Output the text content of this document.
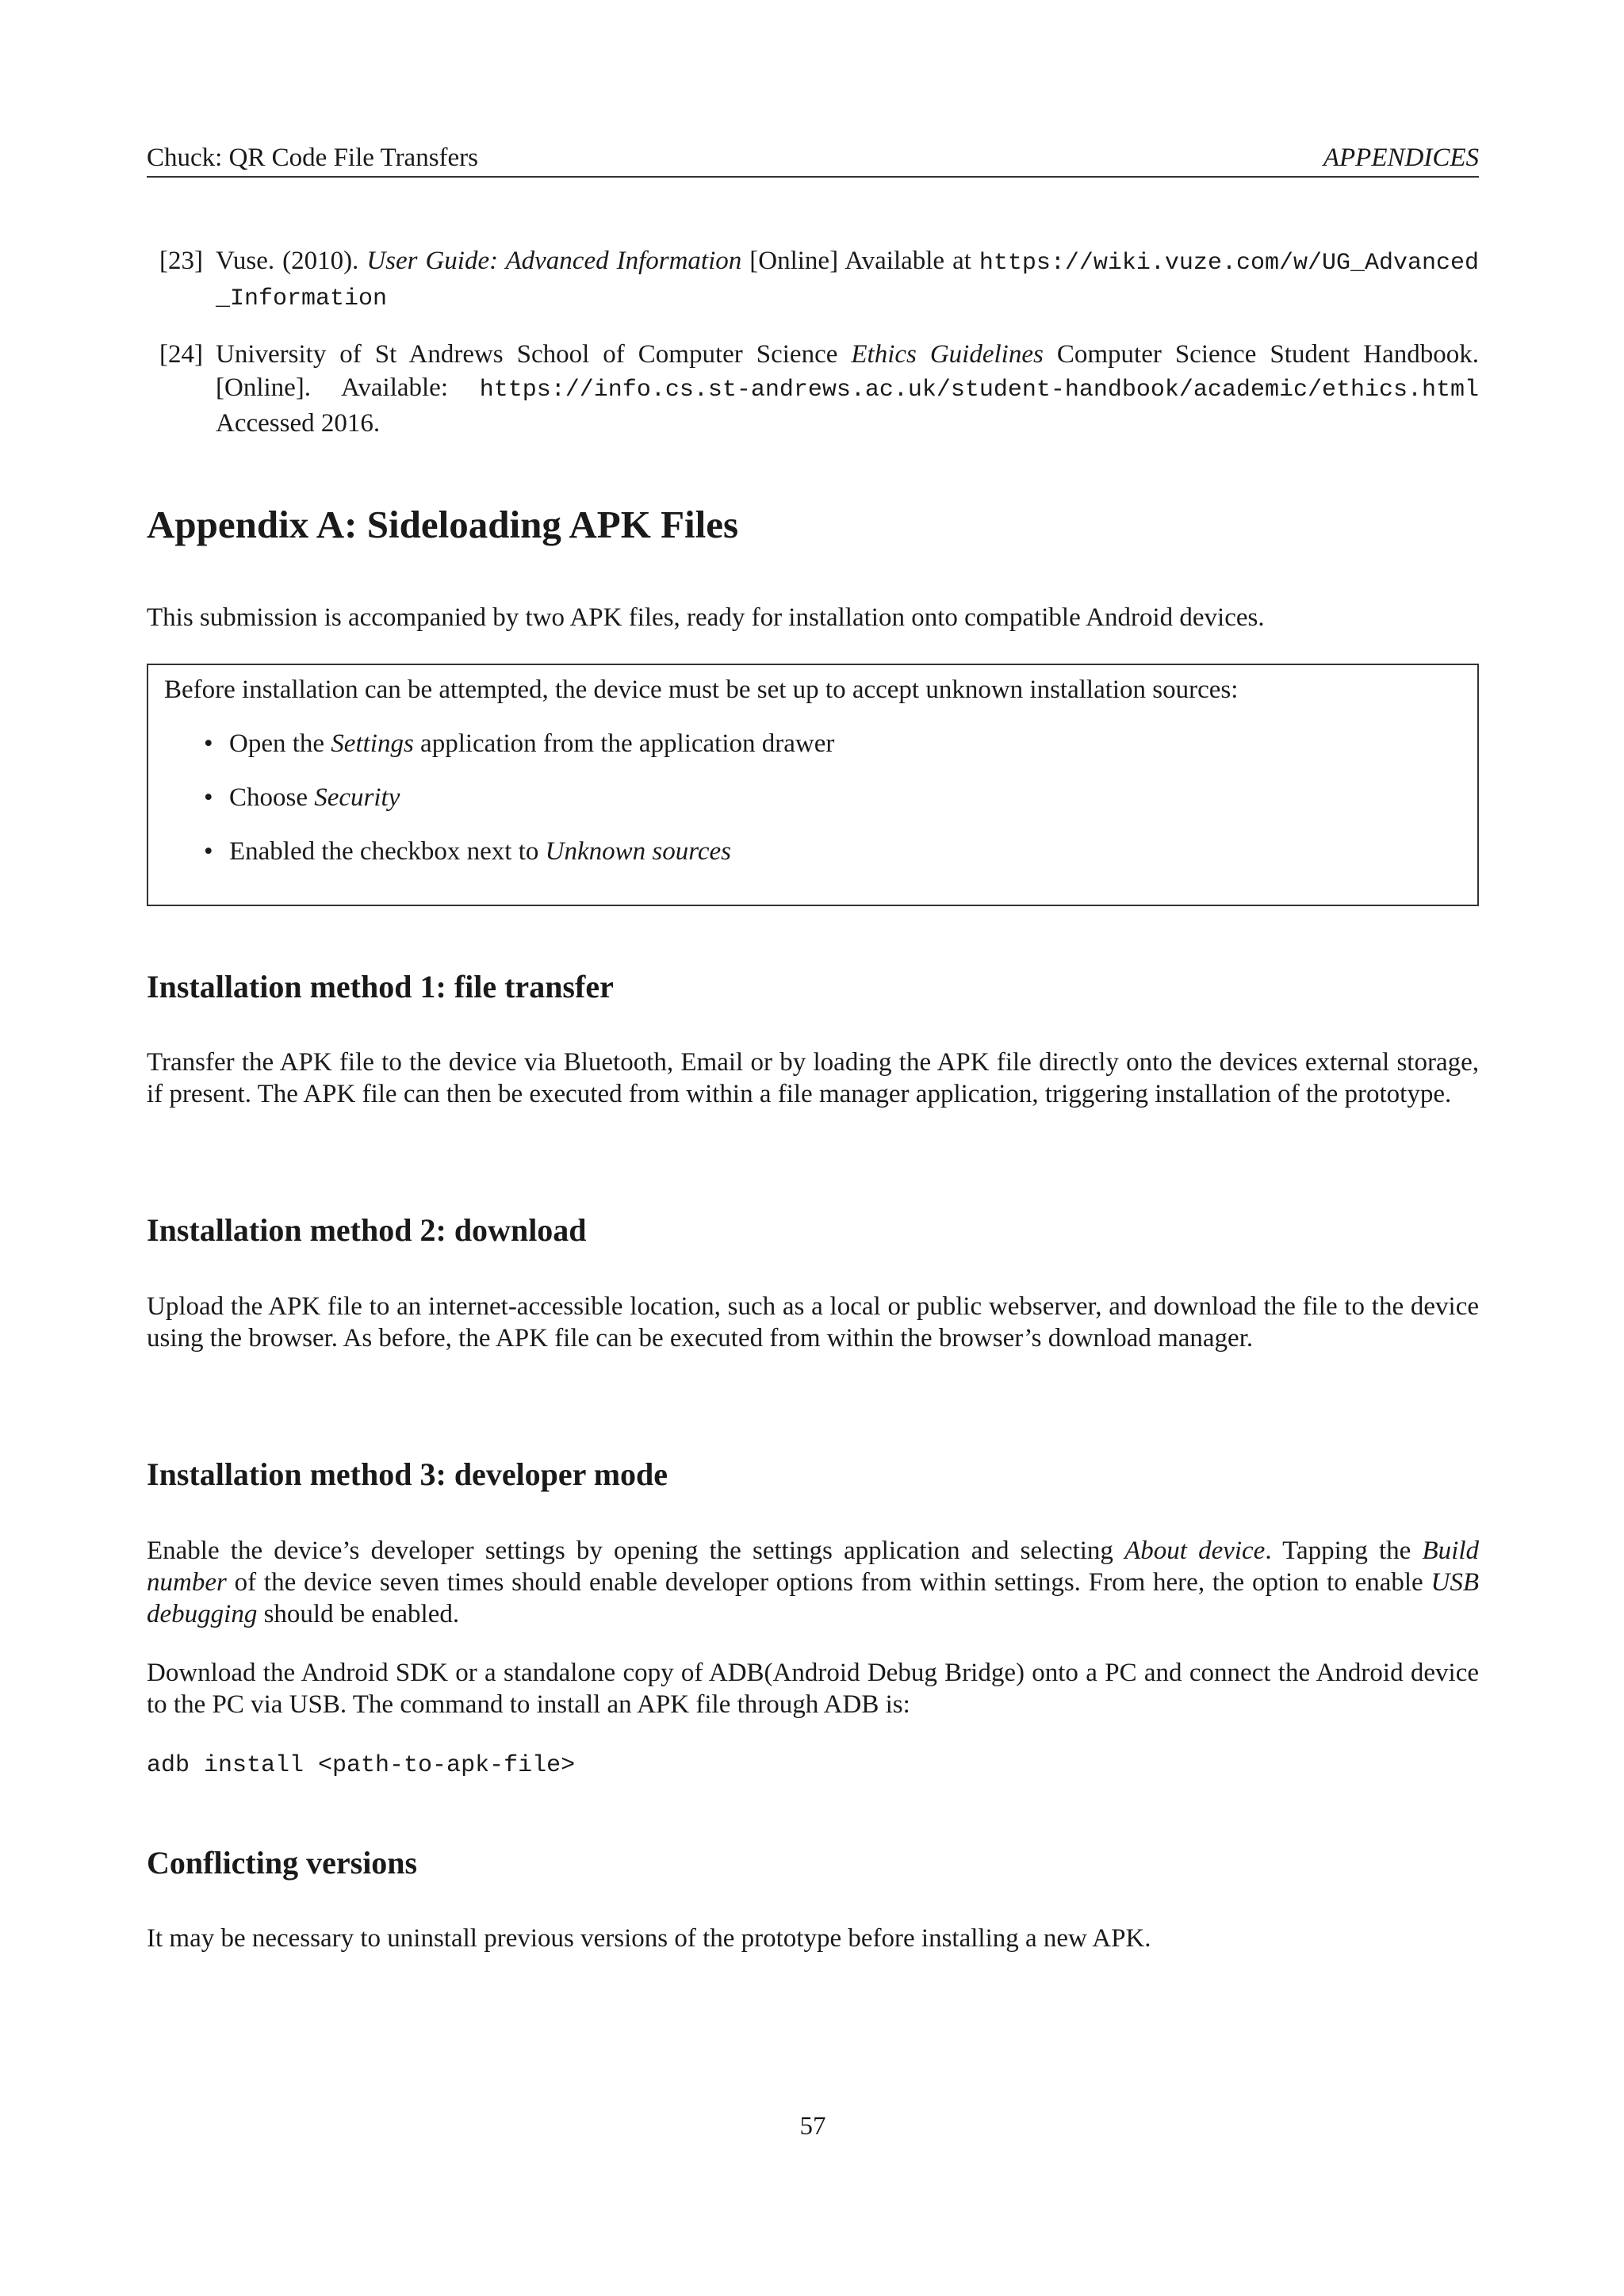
Chuck: QR Code File Transfers	APPENDICES
[23] Vuse. (2010). User Guide: Advanced Information [Online] Available at https://wiki.vuze.com/w/UG_Advanced_Information
[24] University of St Andrews School of Computer Science Ethics Guidelines Computer Science Student Handbook. [Online]. Available: https://info.cs.st-andrews.ac.uk/student-handbook/academic/ethics.html Accessed 2016.
Appendix A: Sideloading APK Files
This submission is accompanied by two APK files, ready for installation onto compatible Android devices.
Before installation can be attempted, the device must be set up to accept unknown installation sources:
• Open the Settings application from the application drawer
• Choose Security
• Enabled the checkbox next to Unknown sources
Installation method 1: file transfer

Transfer the APK file to the device via Bluetooth, Email or by loading the APK file directly onto the devices external storage, if present. The APK file can then be executed from within a file manager application, triggering installation of the prototype.

Installation method 2: download

Upload the APK file to an internet-accessible location, such as a local or public webserver, and download the file to the device using the browser. As before, the APK file can be executed from within the browser’s download manager.

Installation method 3: developer mode

Enable the device’s developer settings by opening the settings application and selecting About device. Tapping the Build number of the device seven times should enable developer options from within settings. From here, the option to enable USB debugging should be enabled.

Download the Android SDK or a standalone copy of ADB(Android Debug Bridge) onto a PC and connect the Android device to the PC via USB. The command to install an APK file through ADB is:

adb install <path-to-apk-file>
Conflicting versions

It may be necessary to uninstall previous versions of the prototype before installing a new APK.

57
